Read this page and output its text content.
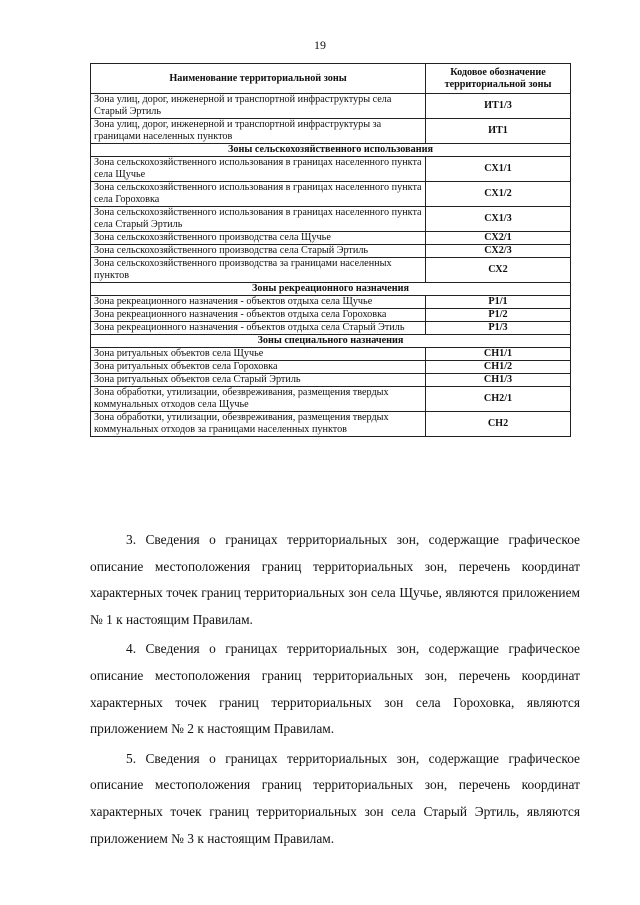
19
Наименование территориальной зоны	Кодовое обозначение территориальной зоны
Зона улиц, дорог, инженерной и транспортной инфраструктуры села Старый Эртиль	ИТ1/3
Зона улиц, дорог, инженерной и транспортной инфраструктуры за границами населенных пунктов	ИТ1
Зоны сельскохозяйственного использования	
Зона сельскохозяйственного использования в границах населенного пункта села Щучье	СХ1/1
Зона сельскохозяйственного использования в границах населенного пункта села Гороховка	СХ1/2
Зона сельскохозяйственного использования в границах населенного пункта села Старый Эртиль	СХ1/3
Зона сельскохозяйственного производства села Щучье	СХ2/1
Зона сельскохозяйственного производства села Старый Эртиль	СХ2/3
Зона сельскохозяйственного производства за границами населенных пунктов	СХ2
Зоны рекреационного назначения	
Зона рекреационного назначения - объектов отдыха села Щучье	Р1/1
Зона рекреационного назначения - объектов отдыха села Гороховка	Р1/2
Зона рекреационного назначения - объектов отдыха села Старый Этиль	Р1/3
Зоны специального назначения	
Зона ритуальных объектов села Щучье	СН1/1
Зона ритуальных объектов села Гороховка	СН1/2
Зона ритуальных объектов села Старый Эртиль	СН1/3
Зона обработки, утилизации, обезвреживания, размещения твердых коммунальных отходов села Щучье	СН2/1
Зона обработки, утилизации, обезвреживания, размещения твердых коммунальных отходов за границами населенных пунктов	СН2

3. Сведения о границах территориальных зон, содержащие графическое описание местоположения границ территориальных зон, перечень координат характерных точек границ территориальных зон села Щучье, являются приложением № 1 к настоящим Правилам.

4. Сведения о границах территориальных зон, содержащие графическое описание местоположения границ территориальных зон, перечень координат характерных точек границ территориальных зон села Гороховка, являются приложением № 2 к настоящим Правилам.

5. Сведения о границах территориальных зон, содержащие графическое описание местоположения границ территориальных зон, перечень координат характерных точек границ территориальных зон села Старый Эртиль, являются приложением № 3 к настоящим Правилам.
